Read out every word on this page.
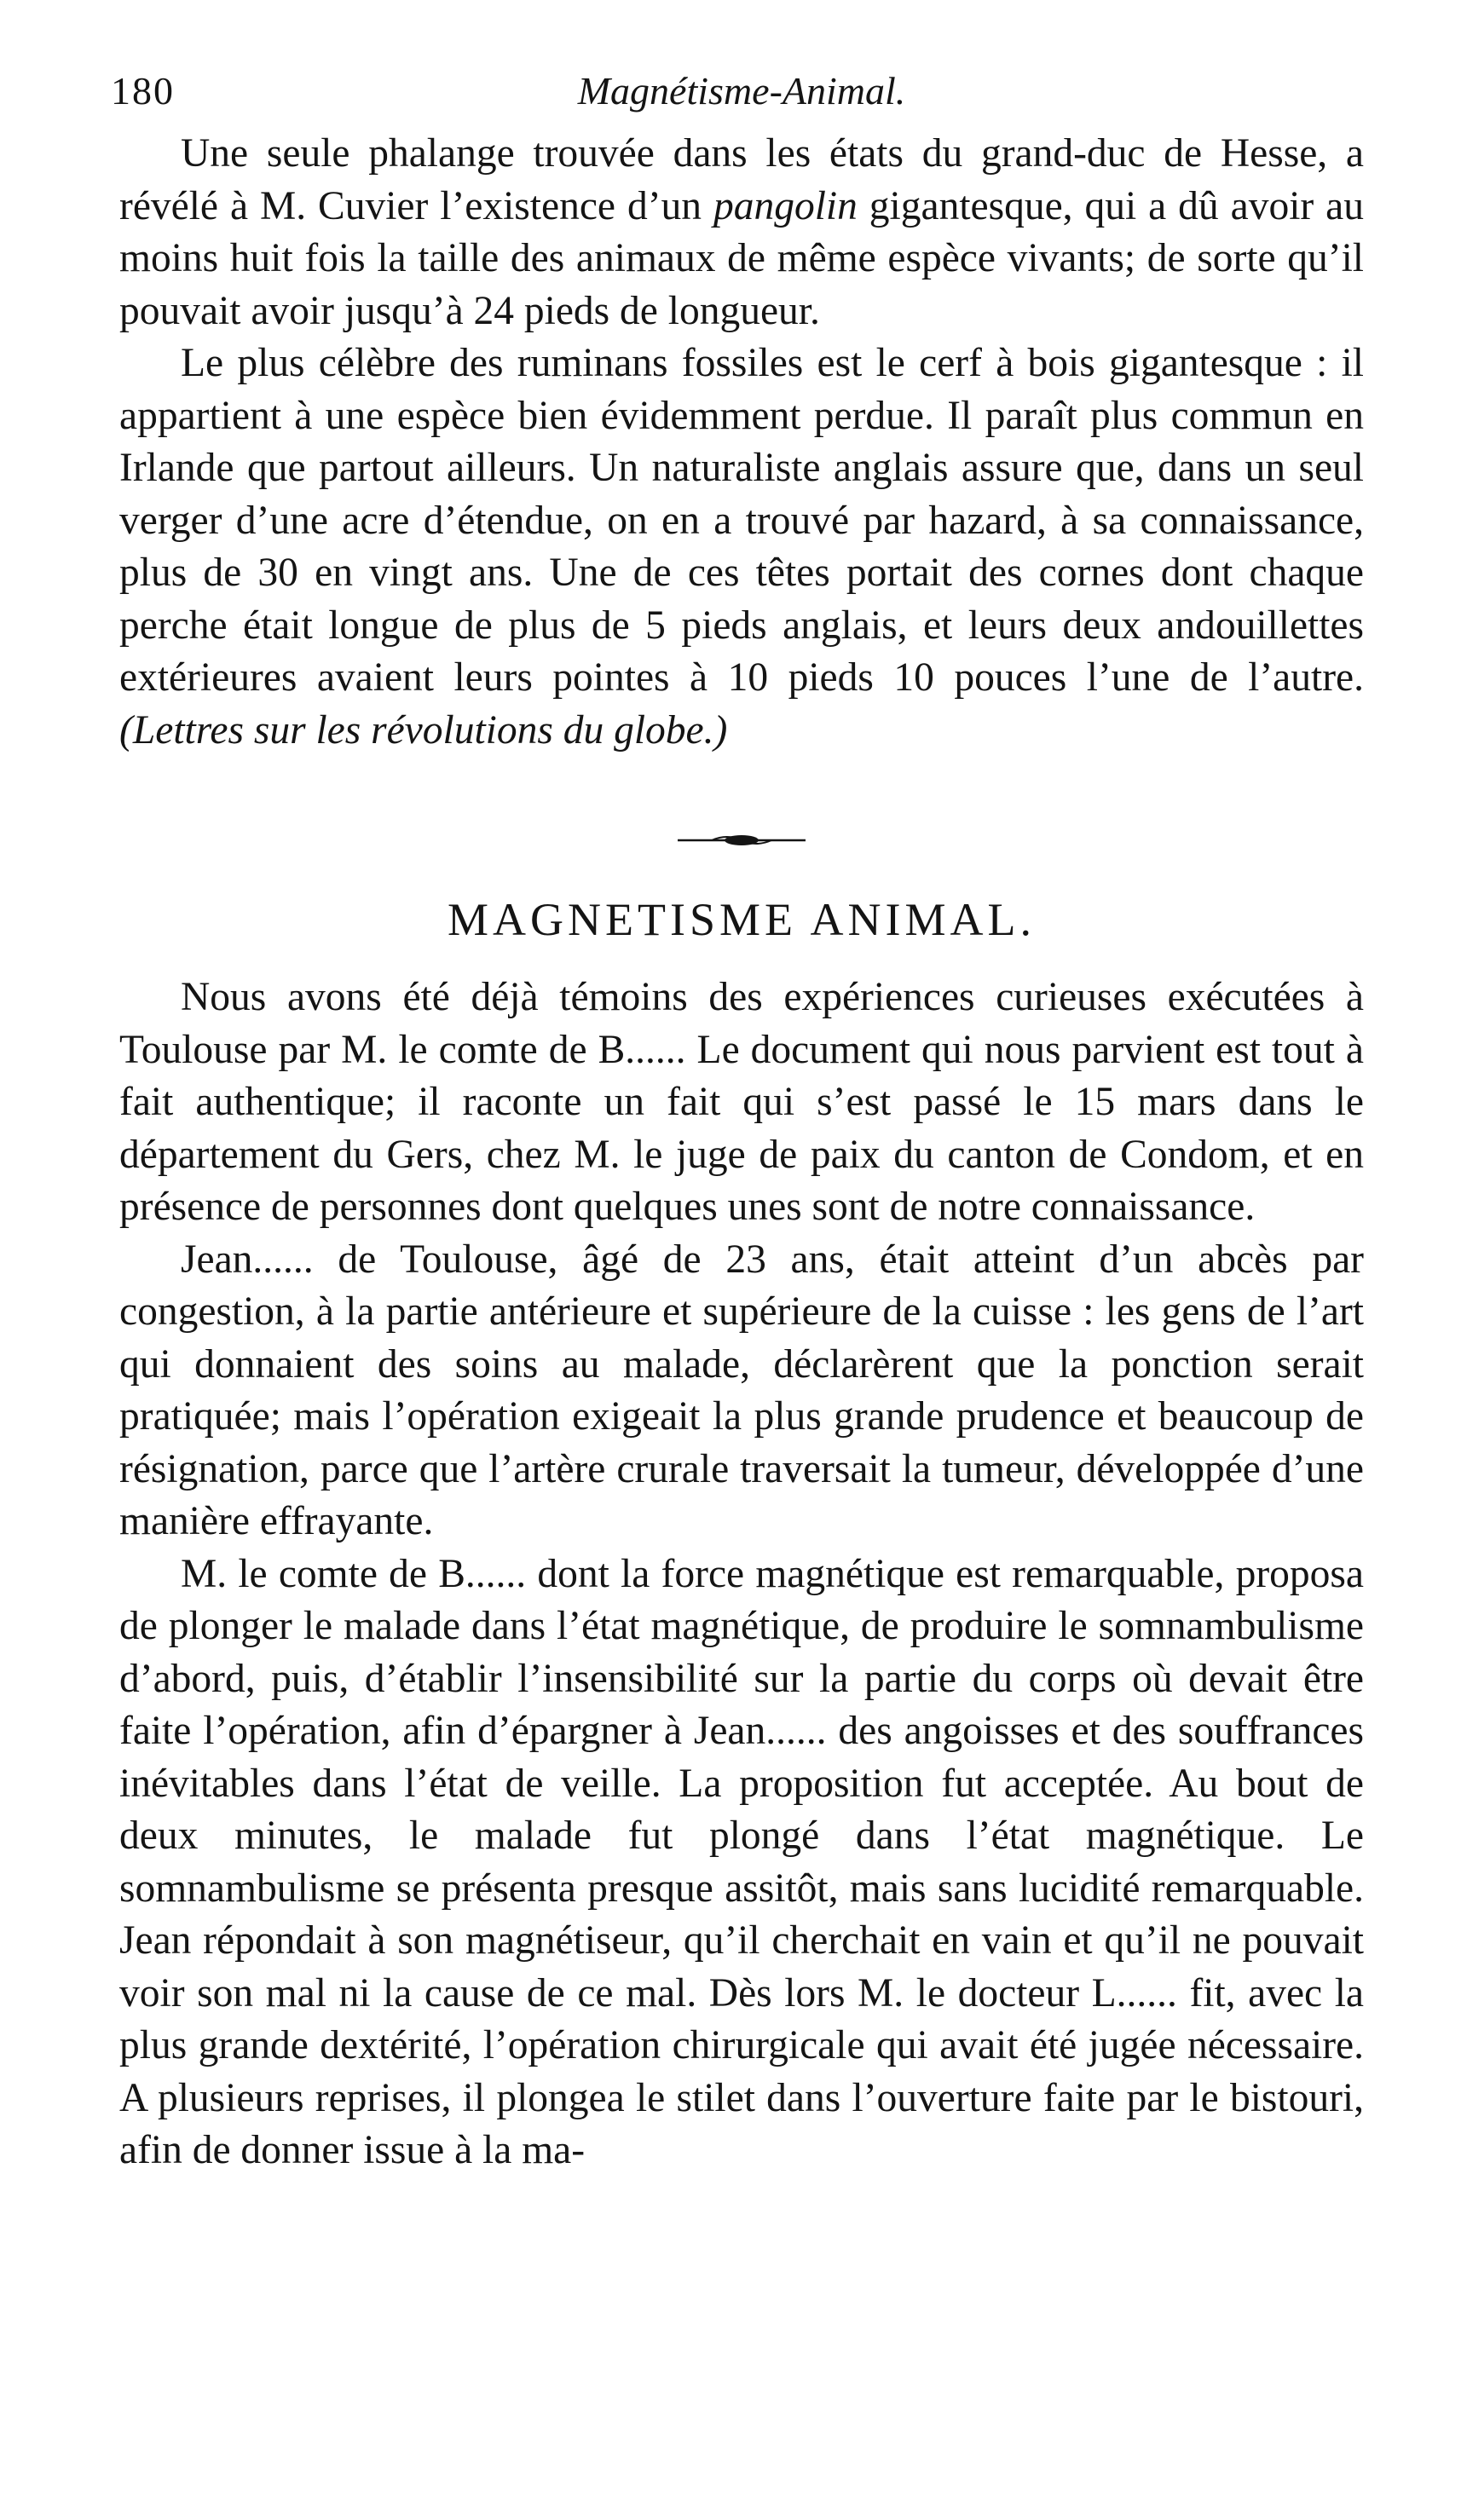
180	Magnétisme-Animal.

Une seule phalange trouvée dans les états du grand-duc de Hesse, a révélé à M. Cuvier l’existence d’un pangolin gigantesque, qui a dû avoir au moins huit fois la taille des animaux de même espèce vivants; de sorte qu’il pouvait avoir jusqu’à 24 pieds de longueur.

Le plus célèbre des ruminans fossiles est le cerf à bois gigantesque : il appartient à une espèce bien évidemment perdue. Il paraît plus commun en Irlande que partout ailleurs. Un naturaliste anglais assure que, dans un seul verger d’une acre d’étendue, on en a trouvé par hazard, à sa connaissance, plus de 30 en vingt ans. Une de ces têtes portait des cornes dont chaque perche était longue de plus de 5 pieds anglais, et leurs deux andouillettes extérieures avaient leurs pointes à 10 pieds 10 pouces l’une de l’autre. (Lettres sur les révolutions du globe.)

MAGNETISME ANIMAL.

Nous avons été déjà témoins des expériences curieuses exécutées à Toulouse par M. le comte de B...... Le document qui nous parvient est tout à fait authentique; il raconte un fait qui s’est passé le 15 mars dans le département du Gers, chez M. le juge de paix du canton de Condom, et en présence de personnes dont quelques unes sont de notre connaissance.

Jean...... de Toulouse, âgé de 23 ans, était atteint d’un abcès par congestion, à la partie antérieure et supérieure de la cuisse : les gens de l’art qui donnaient des soins au malade, déclarèrent que la ponction serait pratiquée; mais l’opération exigeait la plus grande prudence et beaucoup de résignation, parce que l’artère crurale traversait la tumeur, développée d’une manière effrayante.

M. le comte de B...... dont la force magnétique est remarquable, proposa de plonger le malade dans l’état magnétique, de produire le somnambulisme d’abord, puis, d’établir l’insensibilité sur la partie du corps où devait être faite l’opération, afin d’épargner à Jean...... des angoisses et des souffrances inévitables dans l’état de veille. La proposition fut acceptée. Au bout de deux minutes, le malade fut plongé dans l’état magnétique. Le somnambulisme se présenta presque assitôt, mais sans lucidité remarquable. Jean répondait à son magnétiseur, qu’il cherchait en vain et qu’il ne pouvait voir son mal ni la cause de ce mal. Dès lors M. le docteur L...... fit, avec la plus grande dextérité, l’opération chirurgicale qui avait été jugée nécessaire. A plusieurs reprises, il plongea le stilet dans l’ouverture faite par le bistouri, afin de donner issue à la ma-
